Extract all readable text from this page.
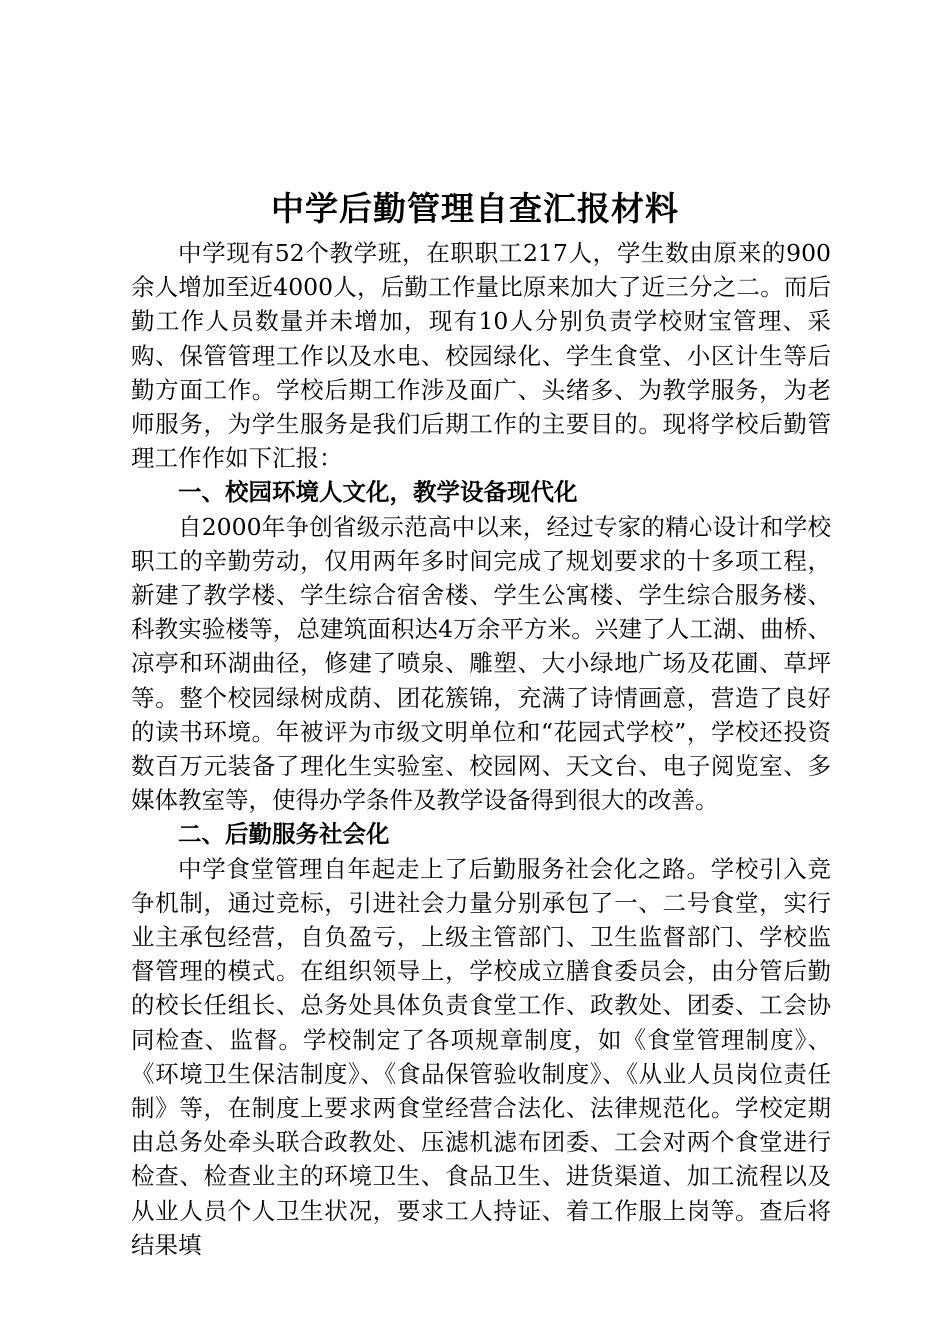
中学后勤管理自查汇报材料

中学现有52个教学班，在职职工217人，学生数由原来的900余人增加至近4000人，后勤工作量比原来加大了近三分之二。而后勤工作人员数量并未增加，现有10人分别负责学校财宝管理、采购、保管管理工作以及水电、校园绿化、学生食堂、小区计生等后勤方面工作。学校后期工作涉及面广、头绪多、为教学服务，为老师服务，为学生服务是我们后期工作的主要目的。现将学校后勤管理工作作如下汇报：

一、校园环境人文化，教学设备现代化

自2000年争创省级示范高中以来，经过专家的精心设计和学校职工的辛勤劳动，仅用两年多时间完成了规划要求的十多项工程，新建了教学楼、学生综合宿舍楼、学生公寓楼、学生综合服务楼、科教实验楼等，总建筑面积达4万余平方米。兴建了人工湖、曲桥、凉亭和环湖曲径，修建了喷泉、雕塑、大小绿地广场及花圃、草坪等。整个校园绿树成荫、团花簇锦，充满了诗情画意，营造了良好的读书环境。年被评为市级文明单位和“花园式学校”，学校还投资数百万元装备了理化生实验室、校园网、天文台、电子阅览室、多媒体教室等，使得办学条件及教学设备得到很大的改善。

二、后勤服务社会化

中学食堂管理自年起走上了后勤服务社会化之路。学校引入竞争机制，通过竞标，引进社会力量分别承包了一、二号食堂，实行业主承包经营，自负盈亏，上级主管部门、卫生监督部门、学校监督管理的模式。在组织领导上，学校成立膳食委员会，由分管后勤的校长任组长、总务处具体负责食堂工作、政教处、团委、工会协同检查、监督。学校制定了各项规章制度，如《食堂管理制度》、《环境卫生保洁制度》、《食品保管验收制度》、《从业人员岗位责任制》等，在制度上要求两食堂经营合法化、法律规范化。学校定期由总务处牵头联合政教处、压滤机滤布团委、工会对两个食堂进行检查、检查业主的环境卫生、食品卫生、进货渠道、加工流程以及从业人员个人卫生状况，要求工人持证、着工作服上岗等。查后将结果填
